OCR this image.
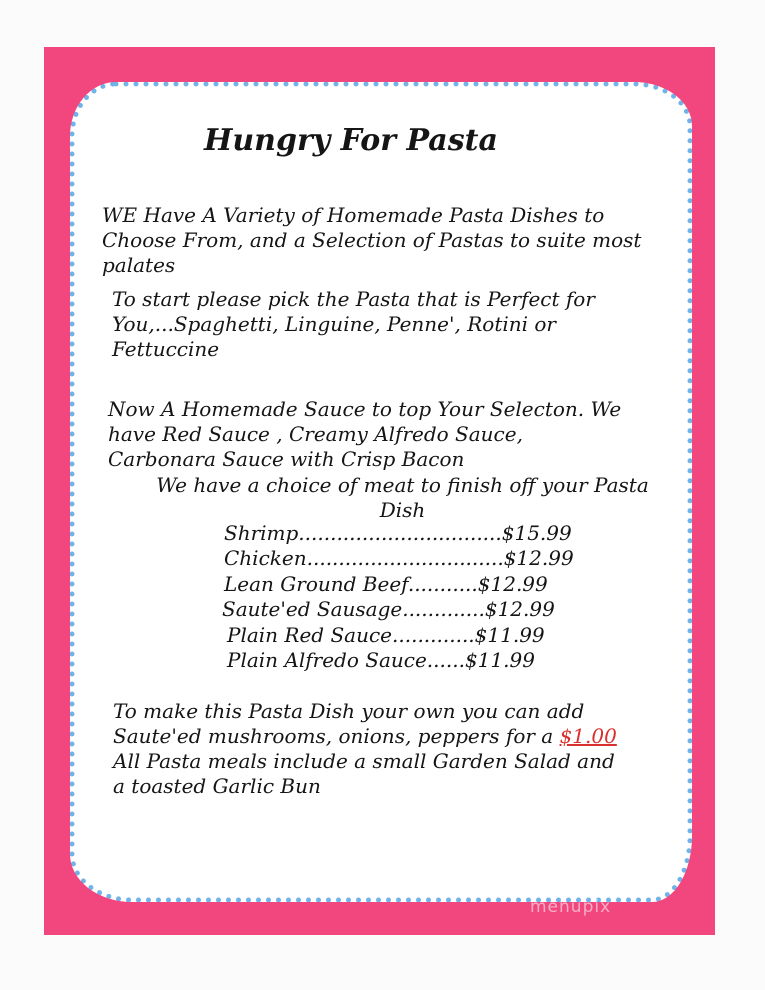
Hungry For Pasta
WE Have A Variety of Homemade Pasta Dishes to
Choose From, and a Selection of Pastas to suite most
palates
To start please pick the Pasta that is Perfect for
You,...Spaghetti, Linguine, Penne', Rotini or
Fettuccine
Now A Homemade Sauce to top Your Selecton. We
have Red Sauce , Creamy Alfredo Sauce,
Carbonara Sauce with Crisp Bacon
We have a choice of meat to finish off your Pasta
Dish
Shrimp................................$15.99
Chicken...............................$12.99
Lean Ground Beef...........$12.99
Saute'ed Sausage.............$12.99
Plain Red Sauce.............$11.99
Plain Alfredo Sauce......$11.99
To make this Pasta Dish your own you can add
Saute'ed mushrooms, onions, peppers for a $1.00
All Pasta meals include a small Garden Salad and
a toasted Garlic Bun
menupix
